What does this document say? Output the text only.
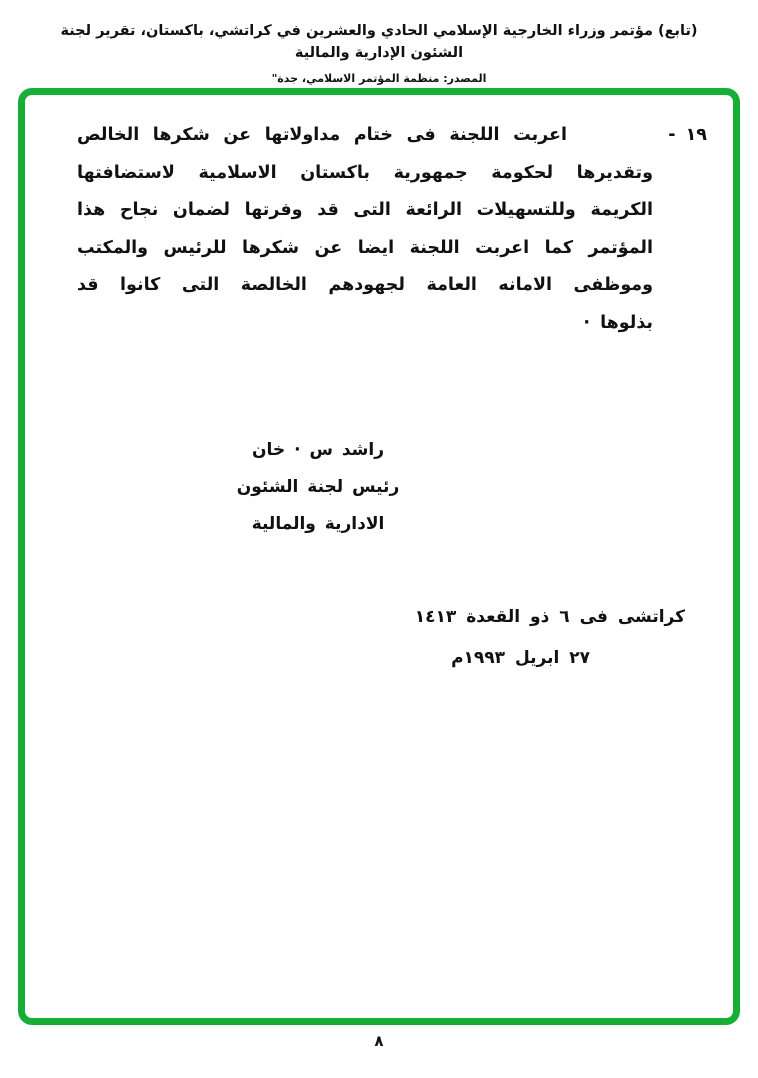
(تابع) مؤتمر وزراء الخارجية الإسلامي الحادي والعشرين في كراتشي، باكستان، تقرير لجنة الشئون الإدارية والمالية
المصدر: منظمة المؤتمر الاسلامي، جدة"
١٩ -
اعربت اللجنة فى ختام مداولاتها عن شكرها الخالص
وتقديرها لحكومة جمهورية باكستان الاسلامية لاستضافتها
الكريمة وللتسهيلات الرائعة التى قد وفرتها لضمان نجاح هذا
المؤتمر كما اعربت اللجنة ايضا عن شكرها للرئيس والمكتب
وموظفى الامانه العامة لجهودهم الخالصة التى كانوا قد
بذلوها ·
راشد س · خان
رئيس لجنة الشئون
الادارية والمالية
كراتشى فى ٦ ذو القعدة ١٤١٣
٢٧ ابريل ١٩٩٣م
٨
